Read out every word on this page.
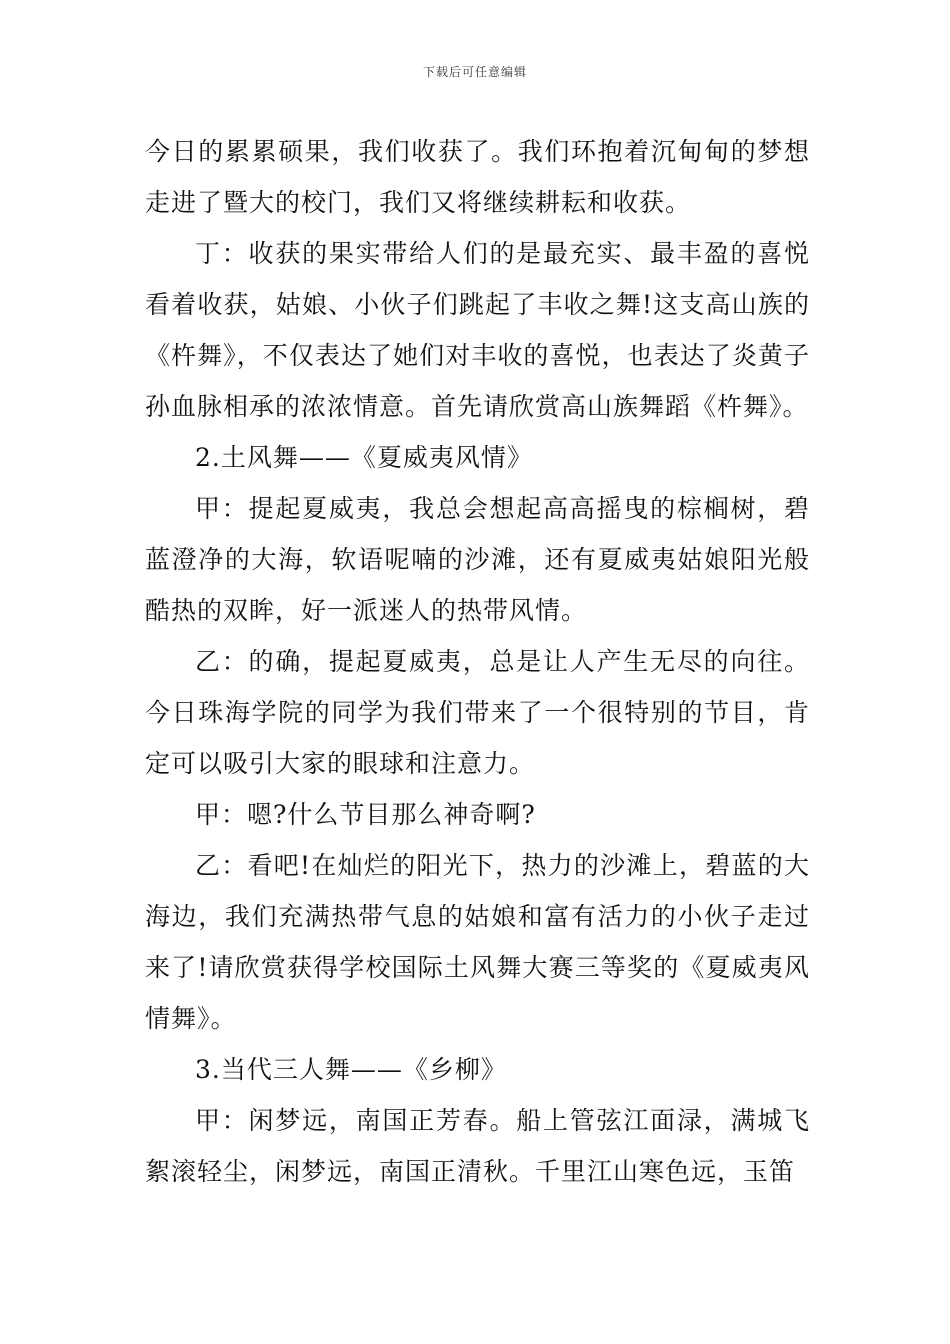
下载后可任意编辑

今日的累累硕果，我们收获了。我们环抱着沉甸甸的梦想走进了暨大的校门，我们又将继续耕耘和收获。

丁：收获的果实带给人们的是最充实、最丰盈的喜悦看着收获，姑娘、小伙子们跳起了丰收之舞!这支高山族的《杵舞》，不仅表达了她们对丰收的喜悦，也表达了炎黄子孙血脉相承的浓浓情意。首先请欣赏高山族舞蹈《杵舞》。

2.土风舞——《夏威夷风情》

甲：提起夏威夷，我总会想起高高摇曳的棕榈树，碧蓝澄净的大海，软语呢喃的沙滩，还有夏威夷姑娘阳光般酷热的双眸，好一派迷人的热带风情。

乙：的确，提起夏威夷，总是让人产生无尽的向往。今日珠海学院的同学为我们带来了一个很特别的节目，肯定可以吸引大家的眼球和注意力。

甲：嗯?什么节目那么神奇啊?

乙：看吧!在灿烂的阳光下，热力的沙滩上，碧蓝的大海边，我们充满热带气息的姑娘和富有活力的小伙子走过来了!请欣赏获得学校国际土风舞大赛三等奖的《夏威夷风情舞》。

3.当代三人舞——《乡柳》

甲：闲梦远，南国正芳春。船上管弦江面渌，满城飞絮滚轻尘，闲梦远，南国正清秋。千里江山寒色远，玉笛
